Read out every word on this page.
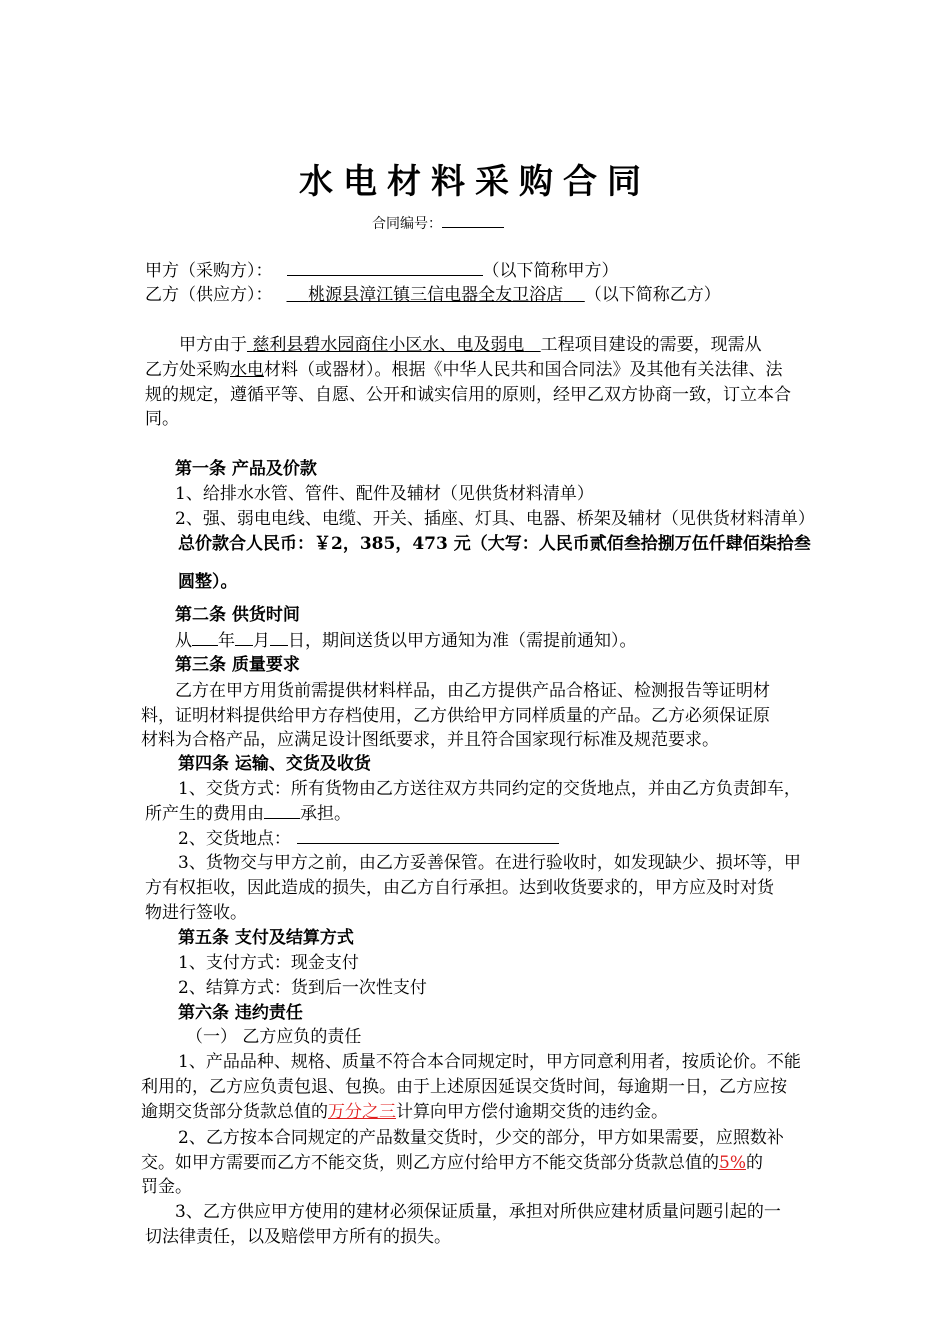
水电材料采购合同
合同编号：
甲方（采购方）：	（以下简称甲方）
乙方（供应方）： 桃源县漳江镇三信电器全友卫浴店 （以下简称乙方）
甲方由于 慈利县碧水园商住小区水、电及弱电 工程项目建设的需要，现需从
乙方处采购水电材料（或器材）。根据《中华人民共和国合同法》及其他有关法律、法
规的规定，遵循平等、自愿、公开和诚实信用的原则，经甲乙双方协商一致，订立本合
同。
第一条 产品及价款
1、给排水水管、管件、配件及辅材（见供货材料清单）
2、强、弱电电线、电缆、开关、插座、灯具、电器、桥架及辅材（见供货材料清单）
总价款合人民币：￥2，385，473 元（大写：人民币贰佰叁拾捌万伍仟肆佰柒拾叁
圆整）。
第二条 供货时间
从 年 月 日，期间送货以甲方通知为准（需提前通知）。
第三条 质量要求
乙方在甲方用货前需提供材料样品，由乙方提供产品合格证、检测报告等证明材
料，证明材料提供给甲方存档使用，乙方供给甲方同样质量的产品。乙方必须保证原
材料为合格产品，应满足设计图纸要求，并且符合国家现行标准及规范要求。
第四条 运输、交货及收货
1、交货方式：所有货物由乙方送往双方共同约定的交货地点，并由乙方负责卸车，
所产生的费用由 承担。
2、交货地点：
3、货物交与甲方之前，由乙方妥善保管。在进行验收时，如发现缺少、损坏等，甲
方有权拒收，因此造成的损失，由乙方自行承担。达到收货要求的，甲方应及时对货
物进行签收。
第五条 支付及结算方式
1、支付方式：现金支付
2、结算方式：货到后一次性支付
第六条 违约责任
（一） 乙方应负的责任
1、产品品种、规格、质量不符合本合同规定时，甲方同意利用者，按质论价。不能
利用的，乙方应负责包退、包换。由于上述原因延误交货时间，每逾期一日，乙方应按
逾期交货部分货款总值的万分之三计算向甲方偿付逾期交货的违约金。
2、乙方按本合同规定的产品数量交货时，少交的部分，甲方如果需要，应照数补
交。如甲方需要而乙方不能交货，则乙方应付给甲方不能交货部分货款总值的5%的
罚金。
3、乙方供应甲方使用的建材必须保证质量，承担对所供应建材质量问题引起的一
切法律责任，以及赔偿甲方所有的损失。
